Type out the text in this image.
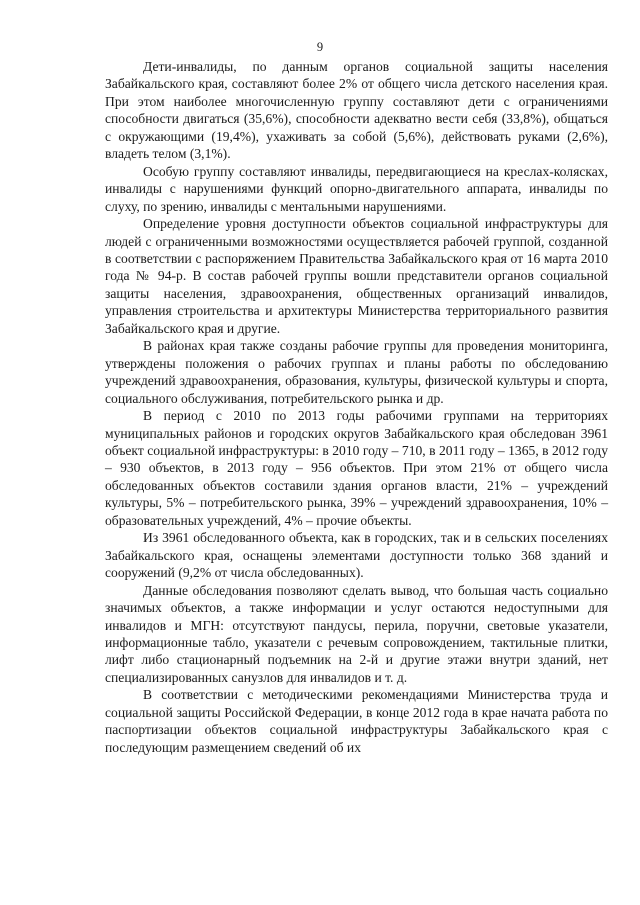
9

Дети-инвалиды, по данным органов социальной защиты населения Забайкальского края, составляют более 2% от общего числа детского населения края. При этом наиболее многочисленную группу составляют дети с ограничениями способности двигаться (35,6%), способности адекватно вести себя (33,8%), общаться с окружающими (19,4%), ухаживать за собой (5,6%), действовать руками (2,6%), владеть телом (3,1%).

Особую группу составляют инвалиды, передвигающиеся на креслах-колясках, инвалиды с нарушениями функций опорно-двигательного аппарата, инвалиды по слуху, по зрению, инвалиды с ментальными нарушениями.

Определение уровня доступности объектов социальной инфраструктуры для людей с ограниченными возможностями осуществляется рабочей группой, созданной в соответствии с распоряжением Правительства Забайкальского края от 16 марта 2010 года № 94-р. В состав рабочей группы вошли представители органов социальной защиты населения, здравоохранения, общественных организаций инвалидов, управления строительства и архитектуры Министерства территориального развития Забайкальского края и другие.

В районах края также созданы рабочие группы для проведения мониторинга, утверждены положения о рабочих группах и планы работы по обследованию учреждений здравоохранения, образования, культуры, физической культуры и спорта, социального обслуживания, потребительского рынка и др.

В период с 2010 по 2013 годы рабочими группами на территориях муниципальных районов и городских округов Забайкальского края обследован 3961 объект социальной инфраструктуры: в 2010 году – 710, в 2011 году – 1365, в 2012 году – 930 объектов, в 2013 году – 956 объектов. При этом 21% от общего числа обследованных объектов составили здания органов власти, 21% – учреждений культуры, 5% – потребительского рынка, 39% – учреждений здравоохранения, 10% – образовательных учреждений, 4% – прочие объекты.

Из 3961 обследованного объекта, как в городских, так и в сельских поселениях Забайкальского края, оснащены элементами доступности только 368 зданий и сооружений (9,2% от числа обследованных).

Данные обследования позволяют сделать вывод, что большая часть социально значимых объектов, а также информации и услуг остаются недоступными для инвалидов и МГН: отсутствуют пандусы, перила, поручни, световые указатели, информационные табло, указатели с речевым сопровождением, тактильные плитки, лифт либо стационарный подъемник на 2-й и другие этажи внутри зданий, нет специализированных санузлов для инвалидов и т. д.

В соответствии с методическими рекомендациями Министерства труда и социальной защиты Российской Федерации, в конце 2012 года в крае начата работа по паспортизации объектов социальной инфраструктуры Забайкальского края с последующим размещением сведений об их
